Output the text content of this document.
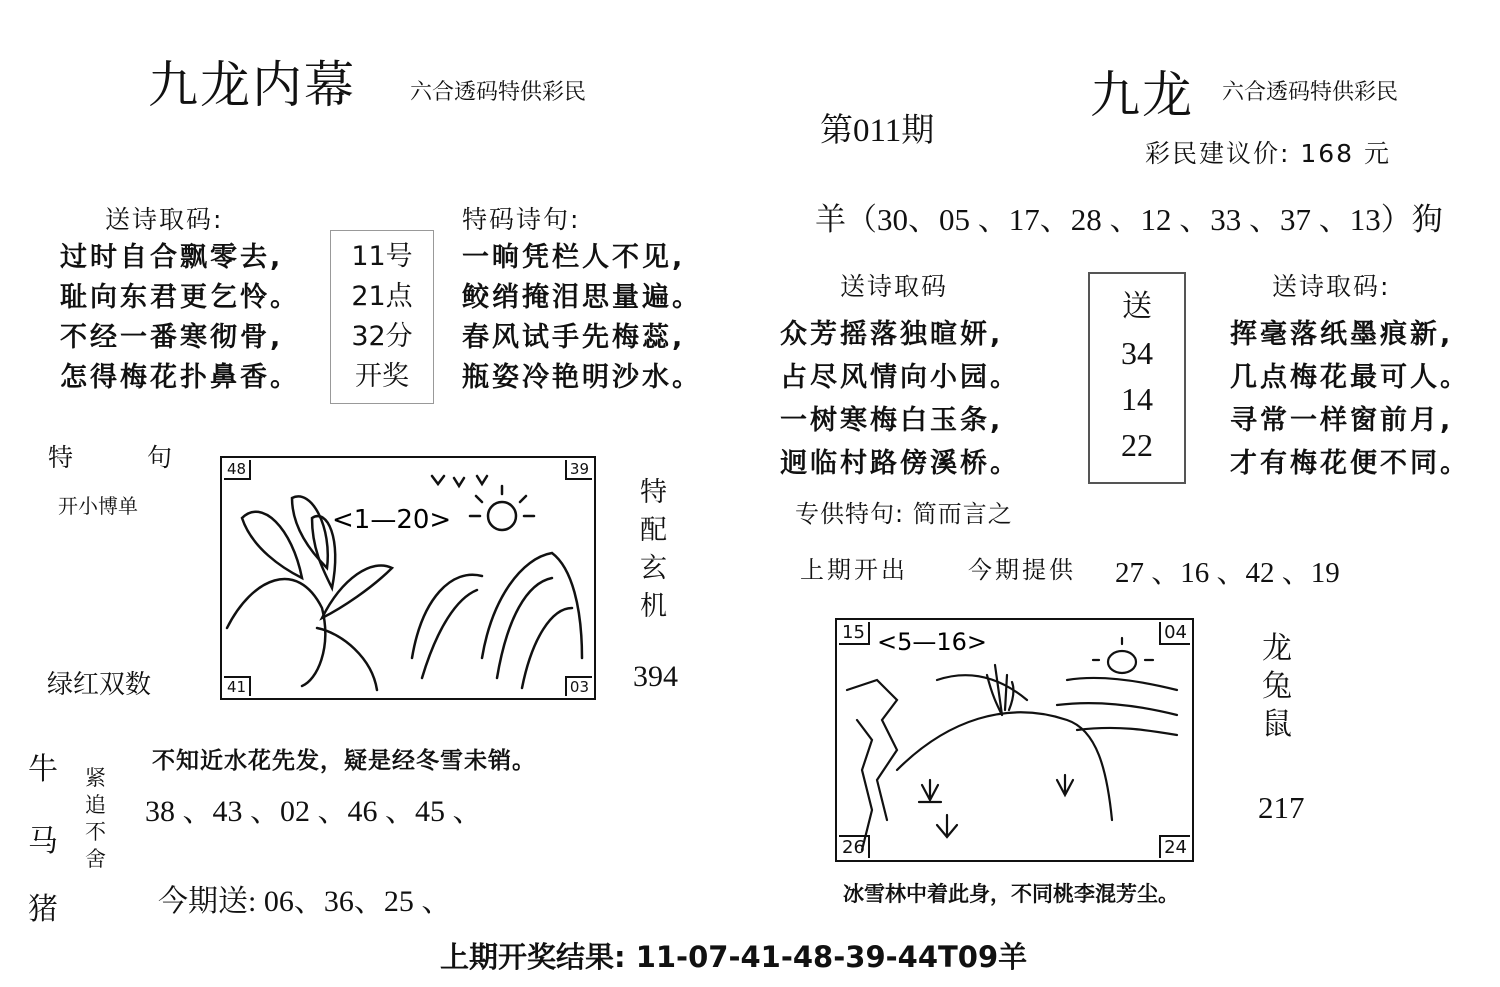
九龙内幕 六合透码特供彩民
送诗取码:
过时自合飘零去,
耻向东君更乞怜。
不经一番寒彻骨,
怎得梅花扑鼻香。
11号
21点
32分
开奖
特码诗句:
一晌凭栏人不见,
鲛绡掩泪思量遍。
春风试手先梅蕊,
瓶姿冷艳明沙水。
特　　句
开小博单
48	39
41	03
<1—20>
特
配
玄
机
394
绿红双数
牛
马
猪
紧
追
不
舍
不知近水花先发，疑是经冬雪未销。
38 、43 、02 、46 、45 、
今期送: 06、36、25 、
第011期
九龙 六合透码特供彩民
彩民建议价: 168 元
羊（30、05 、17、28 、12 、33 、37 、13）狗
送诗取码
众芳摇落独暄妍,
占尽风情向小园。
一树寒梅白玉条,
迥临村路傍溪桥。
送
34
14
22
送诗取码:
挥毫落纸墨痕新,
几点梅花最可人。
寻常一样窗前月,
才有梅花便不同。
专供特句: 简而言之
上期开出	今期提供 27 、16 、42 、19
15	04
26	24
<5—16>	龙
兔
鼠
217
冰雪林中着此身，不同桃李混芳尘。
上期开奖结果: 11-07-41-48-39-44T09羊
